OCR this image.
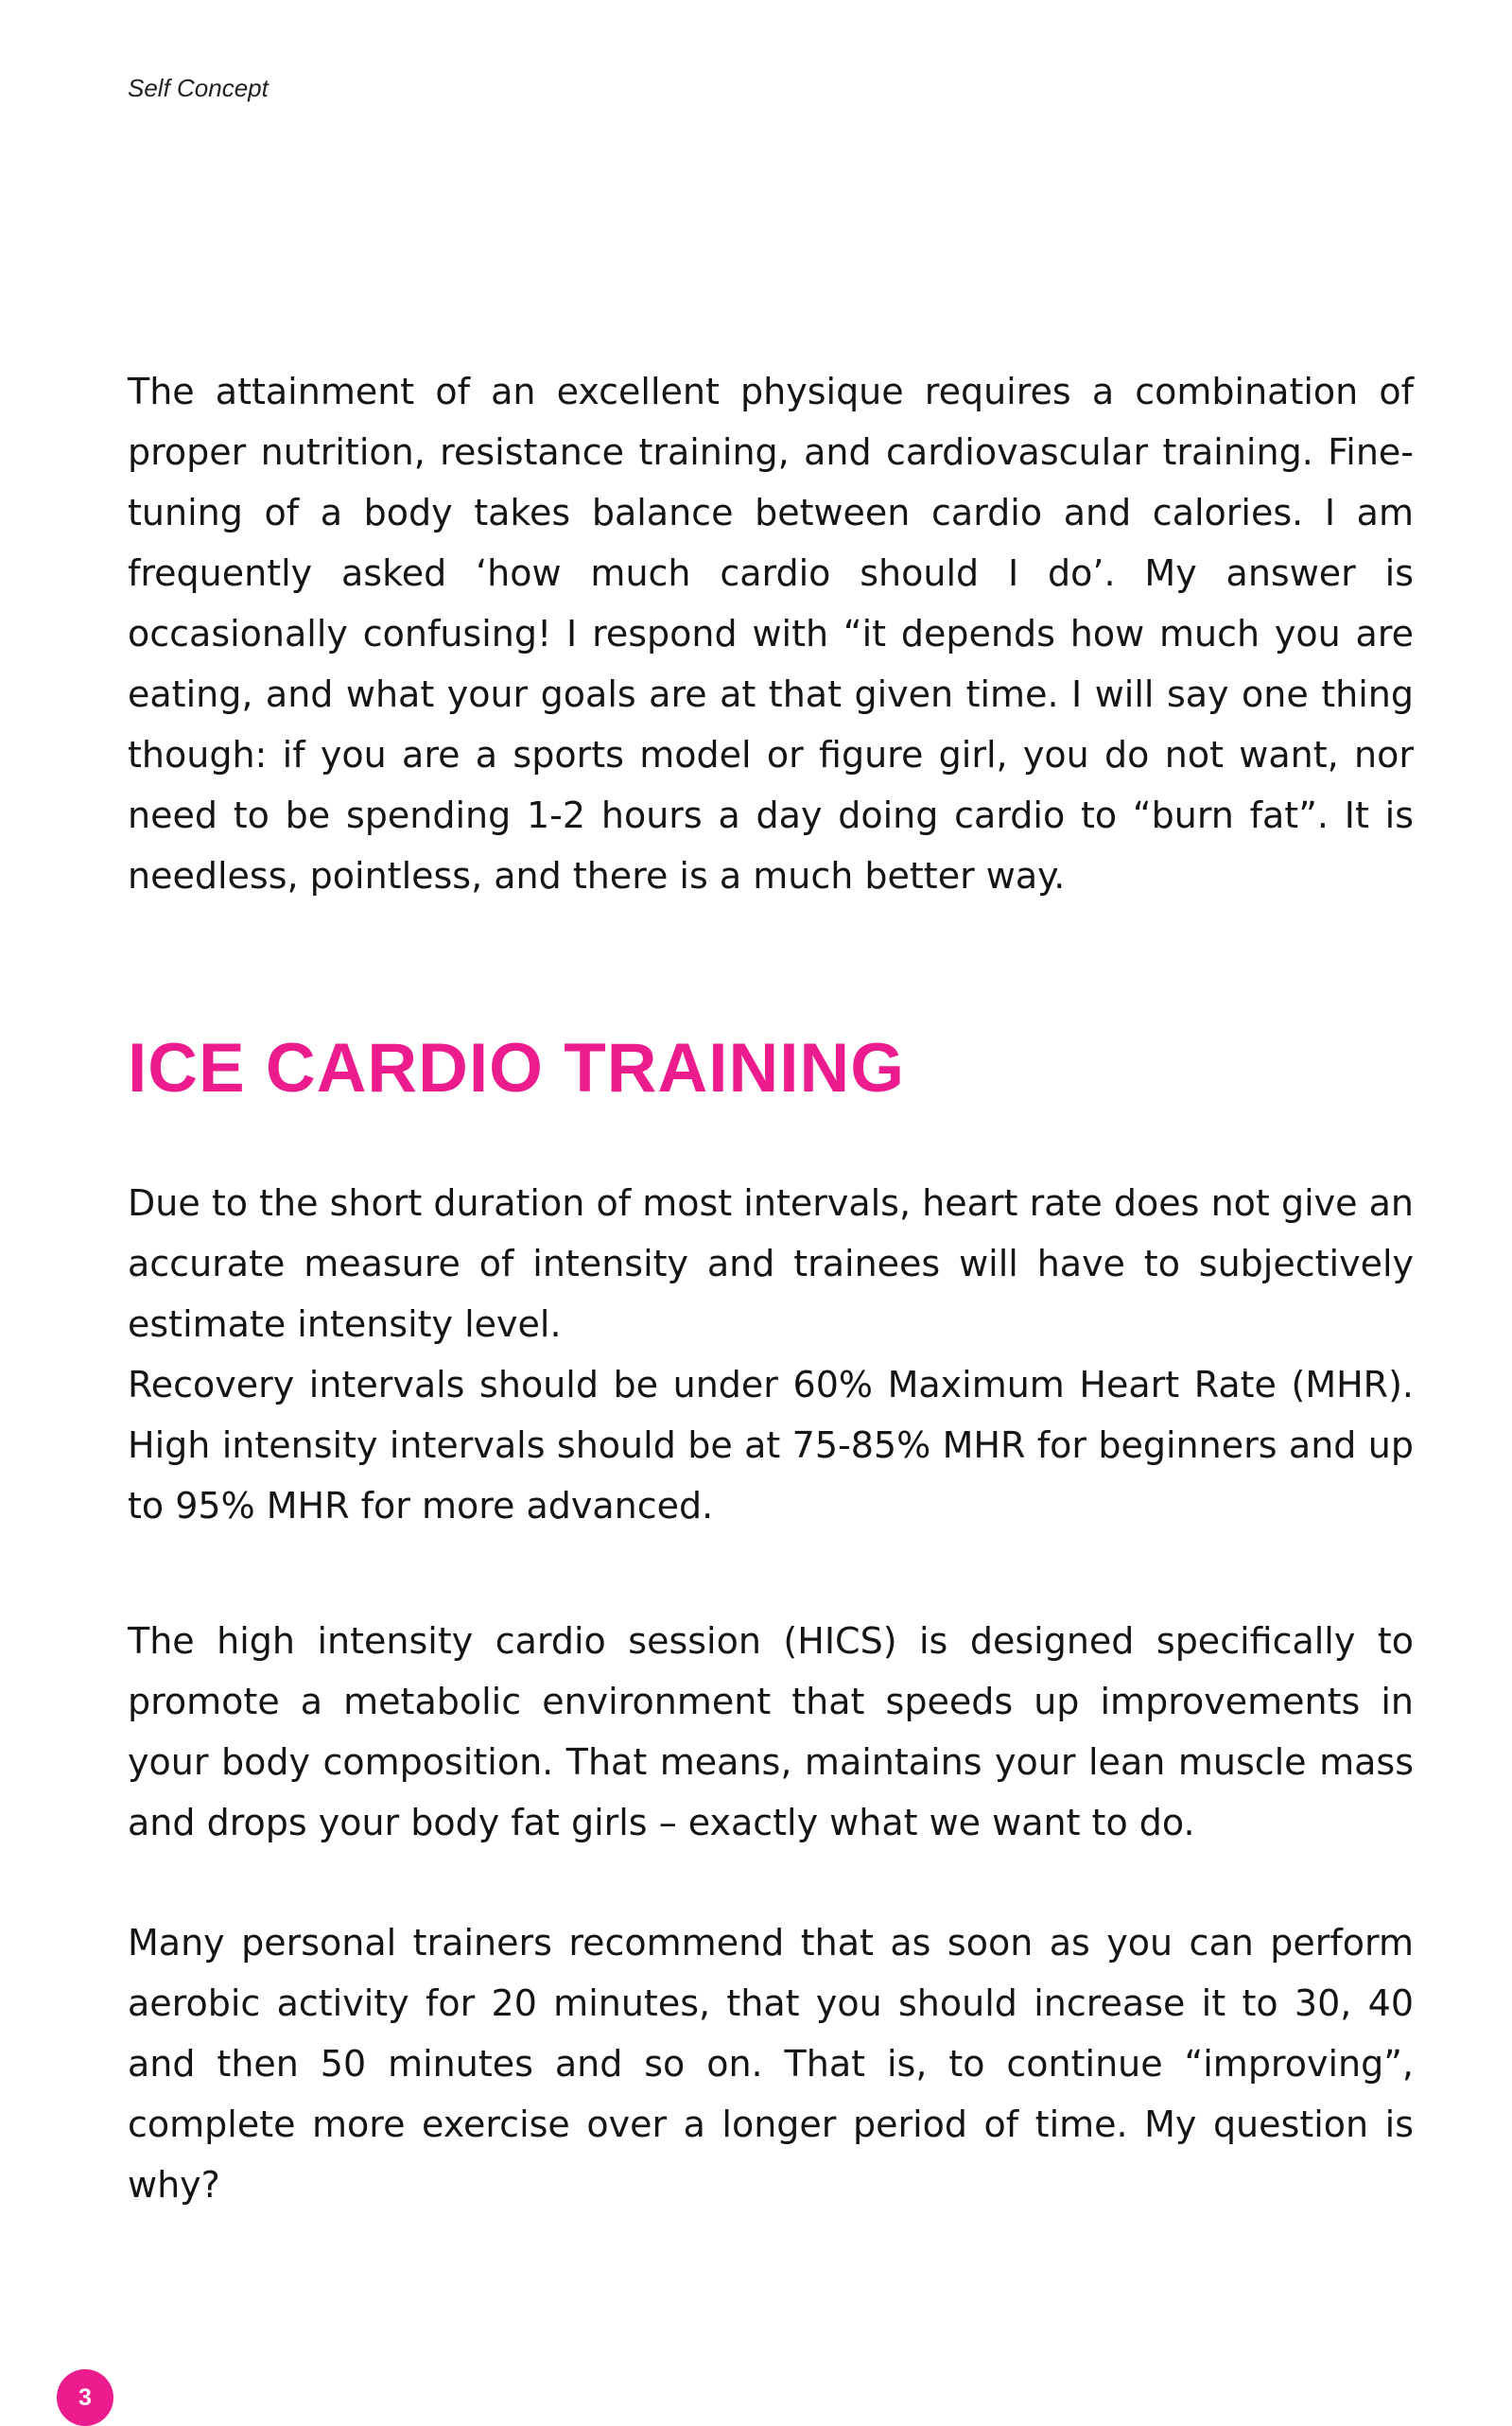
Self Concept

The attainment of an excellent physique requires a combination of proper nutrition, resistance training, and cardiovascular training. Fine-tuning of a body takes balance between cardio and calories. I am frequently asked ‘how much cardio should I do’. My answer is occasionally confusing! I respond with “it depends how much you are eating, and what your goals are at that given time. I will say one thing though: if you are a sports model or figure girl, you do not want, nor need to be spending 1-2 hours a day doing cardio to “burn fat”. It is needless, pointless, and there is a much better way.

ICE CARDIO TRAINING

Due to the short duration of most intervals, heart rate does not give an accurate measure of intensity and trainees will have to subjectively estimate intensity level.

Recovery intervals should be under 60% Maximum Heart Rate (MHR). High intensity intervals should be at 75-85% MHR for beginners and up to 95% MHR for more advanced.

The high intensity cardio session (HICS) is designed specifically to promote a metabolic environment that speeds up improvements in your body composition. That means, maintains your lean muscle mass and drops your body fat girls – exactly what we want to do.

Many personal trainers recommend that as soon as you can perform aerobic activity for 20 minutes, that you should increase it to 30, 40 and then 50 minutes and so on. That is, to continue “improving”, complete more exercise over a longer period of time. My question is why?

3
